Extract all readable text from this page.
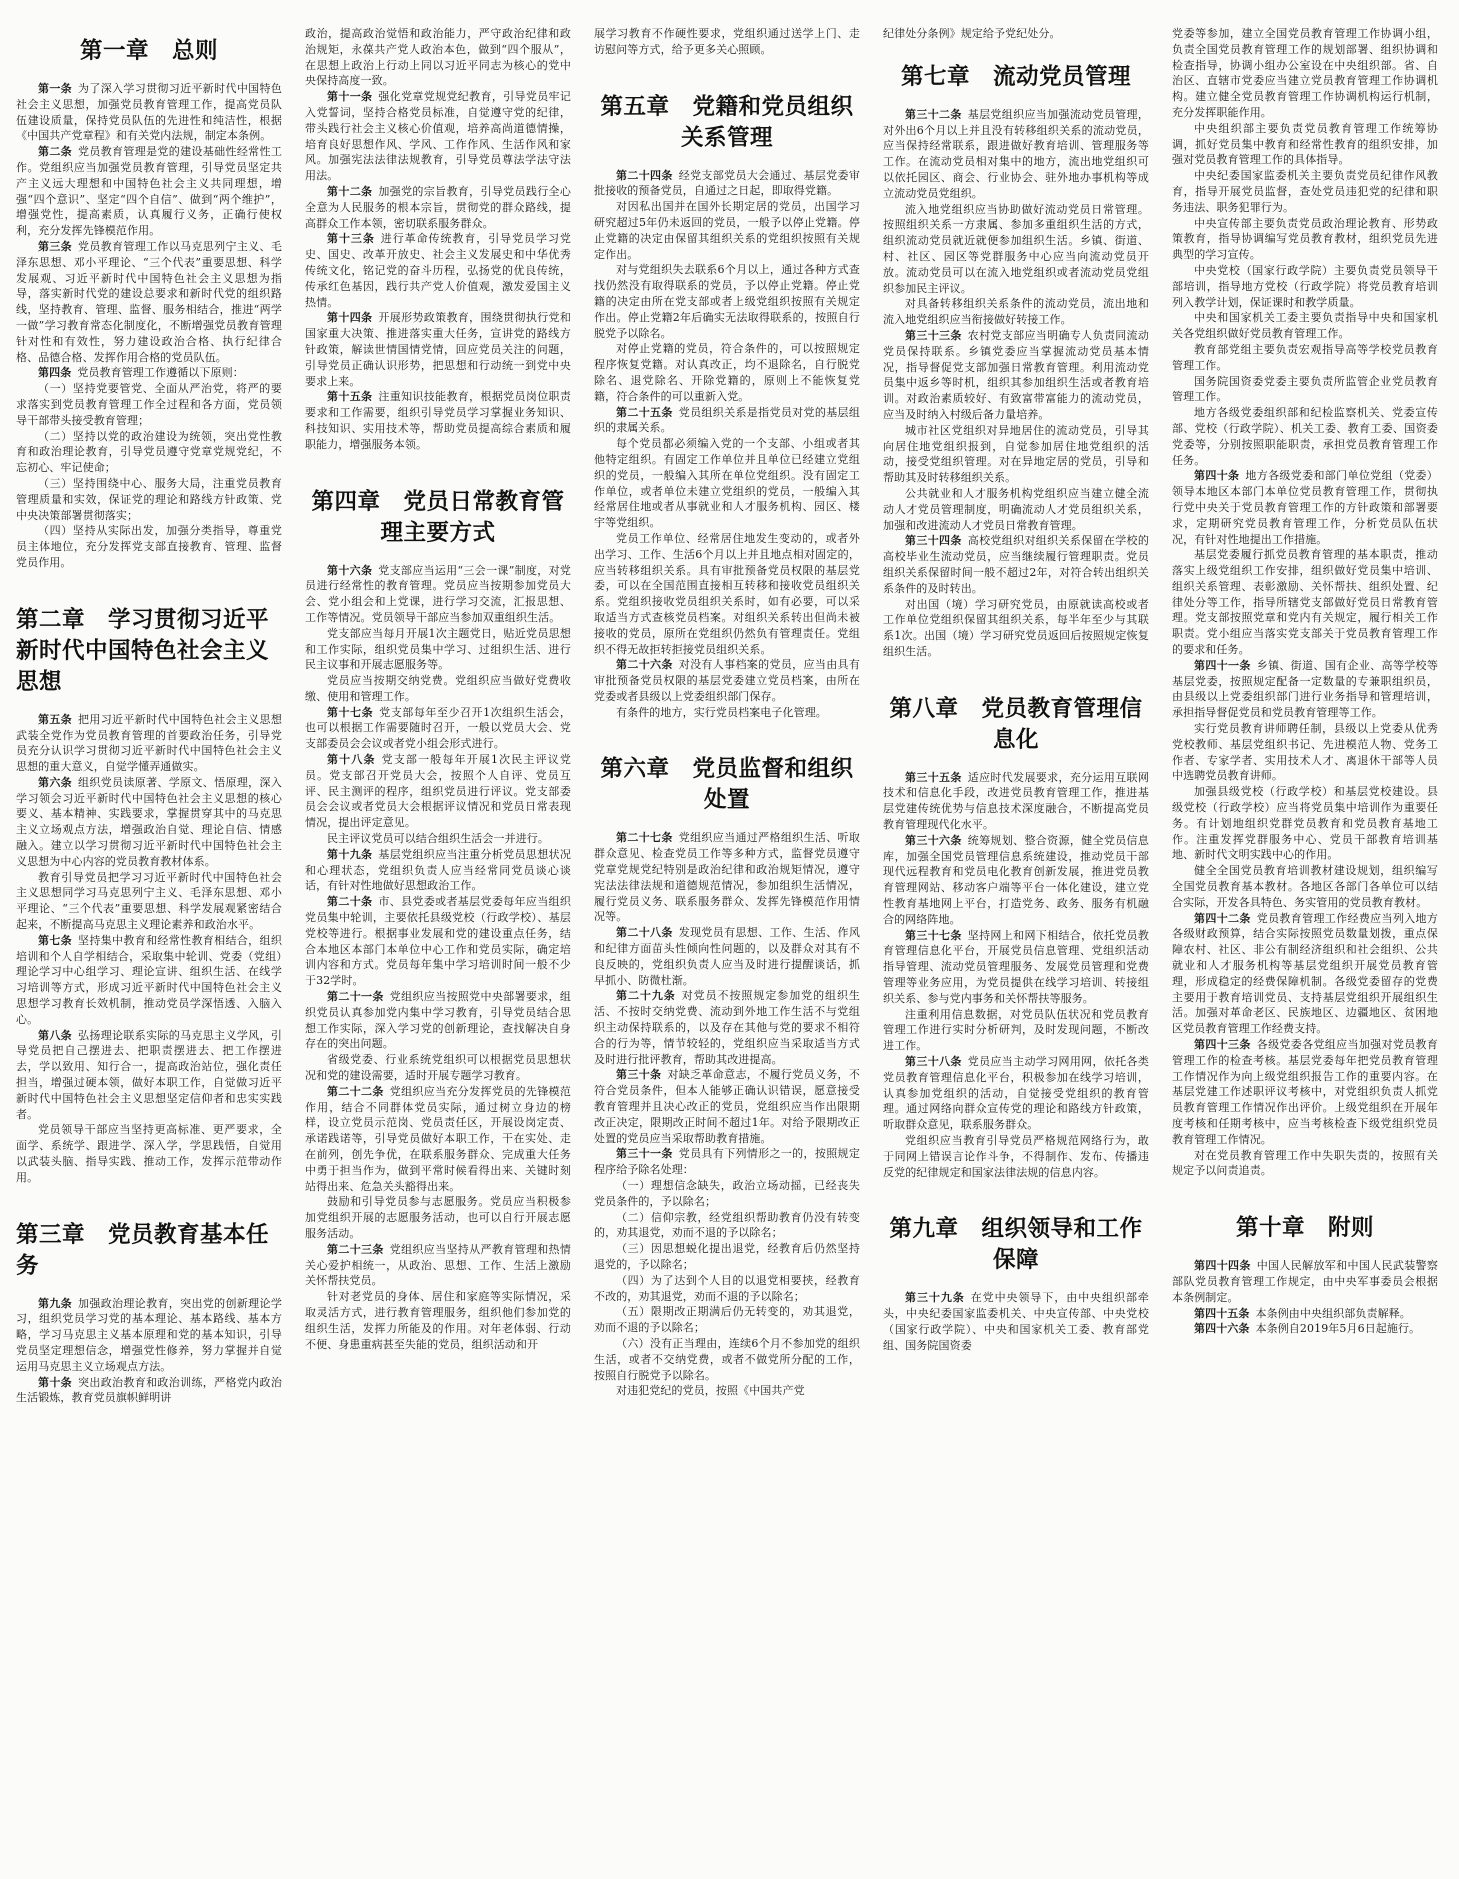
第一章　总则

第一条 为了深入学习贯彻习近平新时代中国特色社会主义思想，加强党员教育管理工作，提高党员队伍建设质量，保持党员队伍的先进性和纯洁性，根据《中国共产党章程》和有关党内法规，制定本条例。

第二条 党员教育管理是党的建设基础性经常性工作。党组织应当加强党员教育管理，引导党员坚定共产主义远大理想和中国特色社会主义共同理想，增强“四个意识”、坚定“四个自信”、做到“两个维护”，增强党性，提高素质，认真履行义务，正确行使权利，充分发挥先锋模范作用。

第三条 党员教育管理工作以马克思列宁主义、毛泽东思想、邓小平理论、“三个代表”重要思想、科学发展观、习近平新时代中国特色社会主义思想为指导，落实新时代党的建设总要求和新时代党的组织路线，坚持教育、管理、监督、服务相结合，推进“两学一做”学习教育常态化制度化，不断增强党员教育管理针对性和有效性，努力建设政治合格、执行纪律合格、品德合格、发挥作用合格的党员队伍。

第四条 党员教育管理工作遵循以下原则：

（一）坚持党要管党、全面从严治党，将严的要求落实到党员教育管理工作全过程和各方面，党员领导干部带头接受教育管理；

（二）坚持以党的政治建设为统领，突出党性教育和政治理论教育，引导党员遵守党章党规党纪，不忘初心、牢记使命；

（三）坚持围绕中心、服务大局，注重党员教育管理质量和实效，保证党的理论和路线方针政策、党中央决策部署贯彻落实；

（四）坚持从实际出发，加强分类指导，尊重党员主体地位，充分发挥党支部直接教育、管理、监督党员作用。

第二章　学习贯彻习近平新时代中国特色社会主义思想

第五条 把用习近平新时代中国特色社会主义思想武装全党作为党员教育管理的首要政治任务，引导党员充分认识学习贯彻习近平新时代中国特色社会主义思想的重大意义，自觉学懂弄通做实。

第六条 组织党员读原著、学原文、悟原理，深入学习领会习近平新时代中国特色社会主义思想的核心要义、基本精神、实践要求，掌握贯穿其中的马克思主义立场观点方法，增强政治自觉、理论自信、情感融入。建立以学习贯彻习近平新时代中国特色社会主义思想为中心内容的党员教育教材体系。

教育引导党员把学习习近平新时代中国特色社会主义思想同学习马克思列宁主义、毛泽东思想、邓小平理论、“三个代表”重要思想、科学发展观紧密结合起来，不断提高马克思主义理论素养和政治水平。

第七条 坚持集中教育和经常性教育相结合，组织培训和个人自学相结合，采取集中轮训、党委（党组）理论学习中心组学习、理论宣讲、组织生活、在线学习培训等方式，形成习近平新时代中国特色社会主义思想学习教育长效机制，推动党员学深悟透、入脑入心。

第八条 弘扬理论联系实际的马克思主义学风，引导党员把自己摆进去、把职责摆进去、把工作摆进去，学以致用、知行合一，提高政治站位，强化责任担当，增强过硬本领，做好本职工作，自觉做习近平新时代中国特色社会主义思想坚定信仰者和忠实实践者。

党员领导干部应当坚持更高标准、更严要求，全面学、系统学、跟进学、深入学，学思践悟，自觉用以武装头脑、指导实践、推动工作，发挥示范带动作用。

第三章　党员教育基本任务

第九条 加强政治理论教育，突出党的创新理论学习，组织党员学习党的基本理论、基本路线、基本方略，学习马克思主义基本原理和党的基本知识，引导党员坚定理想信念，增强党性修养，努力掌握并自觉运用马克思主义立场观点方法。

第十条 突出政治教育和政治训练，严格党内政治生活锻炼，教育党员旗帜鲜明讲

政治，提高政治觉悟和政治能力，严守政治纪律和政治规矩，永葆共产党人政治本色，做到“四个服从”，在思想上政治上行动上同以习近平同志为核心的党中央保持高度一致。

第十一条 强化党章党规党纪教育，引导党员牢记入党誓词，坚持合格党员标准，自觉遵守党的纪律，带头践行社会主义核心价值观，培养高尚道德情操，培育良好思想作风、学风、工作作风、生活作风和家风。加强宪法法律法规教育，引导党员尊法学法守法用法。

第十二条 加强党的宗旨教育，引导党员践行全心全意为人民服务的根本宗旨，贯彻党的群众路线，提高群众工作本领，密切联系服务群众。

第十三条 进行革命传统教育，引导党员学习党史、国史、改革开放史、社会主义发展史和中华优秀传统文化，铭记党的奋斗历程，弘扬党的优良传统，传承红色基因，践行共产党人价值观，激发爱国主义热情。

第十四条 开展形势政策教育，围绕贯彻执行党和国家重大决策、推进落实重大任务，宣讲党的路线方针政策，解读世情国情党情，回应党员关注的问题，引导党员正确认识形势，把思想和行动统一到党中央要求上来。

第十五条 注重知识技能教育，根据党员岗位职责要求和工作需要，组织引导党员学习掌握业务知识、科技知识、实用技术等，帮助党员提高综合素质和履职能力，增强服务本领。

第四章　党员日常教育管理主要方式

第十六条 党支部应当运用“三会一课”制度，对党员进行经常性的教育管理。党员应当按期参加党员大会、党小组会和上党课，进行学习交流，汇报思想、工作等情况。党员领导干部应当参加双重组织生活。

党支部应当每月开展1次主题党日，贴近党员思想和工作实际，组织党员集中学习、过组织生活、进行民主议事和开展志愿服务等。

党员应当按期交纳党费。党组织应当做好党费收缴、使用和管理工作。

第十七条 党支部每年至少召开1次组织生活会，也可以根据工作需要随时召开，一般以党员大会、党支部委员会会议或者党小组会形式进行。

第十八条 党支部一般每年开展1次民主评议党员。党支部召开党员大会，按照个人自评、党员互评、民主测评的程序，组织党员进行评议。党支部委员会会议或者党员大会根据评议情况和党员日常表现情况，提出评定意见。

民主评议党员可以结合组织生活会一并进行。

第十九条 基层党组织应当注重分析党员思想状况和心理状态，党组织负责人应当经常同党员谈心谈话，有针对性地做好思想政治工作。

第二十条 市、县党委或者基层党委每年应当组织党员集中轮训，主要依托县级党校（行政学校）、基层党校等进行。根据事业发展和党的建设重点任务，结合本地区本部门本单位中心工作和党员实际，确定培训内容和方式。党员每年集中学习培训时间一般不少于32学时。

第二十一条 党组织应当按照党中央部署要求，组织党员认真参加党内集中学习教育，引导党员结合思想工作实际，深入学习党的创新理论，查找解决自身存在的突出问题。

省级党委、行业系统党组织可以根据党员思想状况和党的建设需要，适时开展专题学习教育。

第二十二条 党组织应当充分发挥党员的先锋模范作用，结合不同群体党员实际，通过树立身边的榜样，设立党员示范岗、党员责任区，开展设岗定责、承诺践诺等，引导党员做好本职工作，干在实处、走在前列，创先争优，在联系服务群众、完成重大任务中勇于担当作为，做到平常时候看得出来、关键时刻站得出来、危急关头豁得出来。

鼓励和引导党员参与志愿服务。党员应当积极参加党组织开展的志愿服务活动，也可以自行开展志愿服务活动。

第二十三条 党组织应当坚持从严教育管理和热情关心爱护相统一，从政治、思想、工作、生活上激励关怀帮扶党员。

针对老党员的身体、居住和家庭等实际情况，采取灵活方式，进行教育管理服务，组织他们参加党的组织生活，发挥力所能及的作用。对年老体弱、行动不便、身患重病甚至失能的党员，组织活动和开

展学习教育不作硬性要求，党组织通过送学上门、走访慰问等方式，给予更多关心照顾。

第五章　党籍和党员组织关系管理

第二十四条 经党支部党员大会通过、基层党委审批接收的预备党员，自通过之日起，即取得党籍。

对因私出国并在国外长期定居的党员，出国学习研究超过5年仍未返回的党员，一般予以停止党籍。停止党籍的决定由保留其组织关系的党组织按照有关规定作出。

对与党组织失去联系6个月以上，通过各种方式查找仍然没有取得联系的党员，予以停止党籍。停止党籍的决定由所在党支部或者上级党组织按照有关规定作出。停止党籍2年后确实无法取得联系的，按照自行脱党予以除名。

对停止党籍的党员，符合条件的，可以按照规定程序恢复党籍。对认真改正，均不退除名，自行脱党除名、退党除名、开除党籍的，原则上不能恢复党籍，符合条件的可以重新入党。

第二十五条 党员组织关系是指党员对党的基层组织的隶属关系。

每个党员都必须编入党的一个支部、小组或者其他特定组织。有固定工作单位并且单位已经建立党组织的党员，一般编入其所在单位党组织。没有固定工作单位，或者单位未建立党组织的党员，一般编入其经常居住地或者从事就业和人才服务机构、园区、楼宇等党组织。

党员工作单位、经常居住地发生变动的，或者外出学习、工作、生活6个月以上并且地点相对固定的，应当转移组织关系。具有审批预备党员权限的基层党委，可以在全国范围直接相互转移和接收党员组织关系。党组织接收党员组织关系时，如有必要，可以采取适当方式查核党员档案。对组织关系转出但尚未被接收的党员，原所在党组织仍然负有管理责任。党组织不得无故拒转拒接党员组织关系。

第二十六条 对没有人事档案的党员，应当由具有审批预备党员权限的基层党委建立党员档案，由所在党委或者县级以上党委组织部门保存。

有条件的地方，实行党员档案电子化管理。

第六章　党员监督和组织处置

第二十七条 党组织应当通过严格组织生活、听取群众意见、检查党员工作等多种方式，监督党员遵守党章党规党纪特别是政治纪律和政治规矩情况，遵守宪法法律法规和道德规范情况，参加组织生活情况，履行党员义务、联系服务群众、发挥先锋模范作用情况等。

第二十八条 发现党员有思想、工作、生活、作风和纪律方面苗头性倾向性问题的，以及群众对其有不良反映的，党组织负责人应当及时进行提醒谈话，抓早抓小、防微杜渐。

第二十九条 对党员不按照规定参加党的组织生活、不按时交纳党费、流动到外地工作生活不与党组织主动保持联系的，以及存在其他与党的要求不相符合的行为等，情节较轻的，党组织应当采取适当方式及时进行批评教育，帮助其改进提高。

第三十条 对缺乏革命意志，不履行党员义务，不符合党员条件，但本人能够正确认识错误，愿意接受教育管理并且决心改正的党员，党组织应当作出限期改正决定，限期改正时间不超过1年。对给予限期改正处置的党员应当采取帮助教育措施。

第三十一条 党员具有下列情形之一的，按照规定程序给予除名处理：

（一）理想信念缺失，政治立场动摇，已经丧失党员条件的，予以除名；

（二）信仰宗教，经党组织帮助教育仍没有转变的，劝其退党，劝而不退的予以除名；

（三）因思想蜕化提出退党，经教育后仍然坚持退党的，予以除名；

（四）为了达到个人目的以退党相要挟，经教育不改的，劝其退党，劝而不退的予以除名；

（五）限期改正期满后仍无转变的，劝其退党，劝而不退的予以除名；

（六）没有正当理由，连续6个月不参加党的组织生活，或者不交纳党费，或者不做党所分配的工作，按照自行脱党予以除名。

对违犯党纪的党员，按照《中国共产党

纪律处分条例》规定给予党纪处分。

第七章　流动党员管理

第三十二条 基层党组织应当加强流动党员管理，对外出6个月以上并且没有转移组织关系的流动党员，应当保持经常联系，跟进做好教育培训、管理服务等工作。在流动党员相对集中的地方，流出地党组织可以依托园区、商会、行业协会、驻外地办事机构等成立流动党员党组织。

流入地党组织应当协助做好流动党员日常管理。按照组织关系一方隶属、参加多重组织生活的方式，组织流动党员就近就便参加组织生活。乡镇、街道、村、社区、园区等党群服务中心应当向流动党员开放。流动党员可以在流入地党组织或者流动党员党组织参加民主评议。

对具备转移组织关系条件的流动党员，流出地和流入地党组织应当衔接做好转接工作。

第三十三条 农村党支部应当明确专人负责同流动党员保持联系。乡镇党委应当掌握流动党员基本情况，指导督促党支部加强日常教育管理。利用流动党员集中返乡等时机，组织其参加组织生活或者教育培训。对政治素质较好、有致富带富能力的流动党员，应当及时纳入村级后备力量培养。

城市社区党组织对异地居住的流动党员，引导其向居住地党组织报到，自觉参加居住地党组织的活动，接受党组织管理。对在异地定居的党员，引导和帮助其及时转移组织关系。

公共就业和人才服务机构党组织应当建立健全流动人才党员管理制度，明确流动人才党员组织关系，加强和改进流动人才党员日常教育管理。

第三十四条 高校党组织对组织关系保留在学校的高校毕业生流动党员，应当继续履行管理职责。党员组织关系保留时间一般不超过2年，对符合转出组织关系条件的及时转出。

对出国（境）学习研究党员，由原就读高校或者工作单位党组织保留其组织关系，每半年至少与其联系1次。出国（境）学习研究党员返回后按照规定恢复组织生活。

第八章　党员教育管理信息化

第三十五条 适应时代发展要求，充分运用互联网技术和信息化手段，改进党员教育管理工作，推进基层党建传统优势与信息技术深度融合，不断提高党员教育管理现代化水平。

第三十六条 统筹规划、整合资源，健全党员信息库，加强全国党员管理信息系统建设，推动党员干部现代远程教育和党员电化教育创新发展，推进党员教育管理网站、移动客户端等平台一体化建设，建立党性教育基地网上平台，打造党务、政务、服务有机融合的网络阵地。

第三十七条 坚持网上和网下相结合，依托党员教育管理信息化平台，开展党员信息管理、党组织活动指导管理、流动党员管理服务、发展党员管理和党费管理等业务应用，为党员提供在线学习培训、转接组织关系、参与党内事务和关怀帮扶等服务。

注重利用信息数据，对党员队伍状况和党员教育管理工作进行实时分析研判，及时发现问题，不断改进工作。

第三十八条 党员应当主动学习网用网，依托各类党员教育管理信息化平台，积极参加在线学习培训，认真参加党组织的活动，自觉接受党组织的教育管理。通过网络向群众宣传党的理论和路线方针政策，听取群众意见，联系服务群众。

党组织应当教育引导党员严格规范网络行为，敢于同网上错误言论作斗争，不得制作、发布、传播违反党的纪律规定和国家法律法规的信息内容。

第九章　组织领导和工作保障

第三十九条 在党中央领导下，由中央组织部牵头，中央纪委国家监委机关、中央宣传部、中央党校（国家行政学院）、中央和国家机关工委、教育部党组、国务院国资委

党委等参加，建立全国党员教育管理工作协调小组，负责全国党员教育管理工作的规划部署、组织协调和检查指导，协调小组办公室设在中央组织部。省、自治区、直辖市党委应当建立党员教育管理工作协调机构。建立健全党员教育管理工作协调机构运行机制，充分发挥职能作用。

中央组织部主要负责党员教育管理工作统筹协调，抓好党员集中教育和经常性教育的组织安排，加强对党员教育管理工作的具体指导。

中央纪委国家监委机关主要负责党员纪律作风教育，指导开展党员监督，查处党员违犯党的纪律和职务违法、职务犯罪行为。

中央宣传部主要负责党员政治理论教育、形势政策教育，指导协调编写党员教育教材，组织党员先进典型的学习宣传。

中央党校（国家行政学院）主要负责党员领导干部培训，指导地方党校（行政学院）将党员教育培训列入教学计划，保证课时和教学质量。

中央和国家机关工委主要负责指导中央和国家机关各党组织做好党员教育管理工作。

教育部党组主要负责宏观指导高等学校党员教育管理工作。

国务院国资委党委主要负责所监管企业党员教育管理工作。

地方各级党委组织部和纪检监察机关、党委宣传部、党校（行政学院）、机关工委、教育工委、国资委党委等，分别按照职能职责，承担党员教育管理工作任务。

第四十条 地方各级党委和部门单位党组（党委）领导本地区本部门本单位党员教育管理工作，贯彻执行党中央关于党员教育管理工作的方针政策和部署要求，定期研究党员教育管理工作，分析党员队伍状况，有针对性地提出工作措施。

基层党委履行抓党员教育管理的基本职责，推动落实上级党组织工作安排，组织做好党员集中培训、组织关系管理、表彰激励、关怀帮扶、组织处置、纪律处分等工作，指导所辖党支部做好党员日常教育管理。党支部按照党章和党内有关规定，履行相关工作职责。党小组应当落实党支部关于党员教育管理工作的要求和任务。

第四十一条 乡镇、街道、国有企业、高等学校等基层党委，按照规定配备一定数量的专兼职组织员，由县级以上党委组织部门进行业务指导和管理培训，承担指导督促党员和党员教育管理等工作。

实行党员教育讲师聘任制，县级以上党委从优秀党校教师、基层党组织书记、先进模范人物、党务工作者、专家学者、实用技术人才、离退休干部等人员中选聘党员教育讲师。

加强县级党校（行政学校）和基层党校建设。县级党校（行政学校）应当将党员集中培训作为重要任务。有计划地组织党群党员教育和党员教育基地工作。注重发挥党群服务中心、党员干部教育培训基地、新时代文明实践中心的作用。

健全全国党员教育培训教材建设规划，组织编写全国党员教育基本教材。各地区各部门各单位可以结合实际，开发各具特色、务实管用的党员教育教材。

第四十二条 党员教育管理工作经费应当列入地方各级财政预算，结合实际按照党员数量划拨，重点保障农村、社区、非公有制经济组织和社会组织、公共就业和人才服务机构等基层党组织开展党员教育管理，形成稳定的经费保障机制。各级党委留存的党费主要用于教育培训党员、支持基层党组织开展组织生活。加强对革命老区、民族地区、边疆地区、贫困地区党员教育管理工作经费支持。

第四十三条 各级党委各党组应当加强对党员教育管理工作的检查考核。基层党委每年把党员教育管理工作情况作为向上级党组织报告工作的重要内容。在基层党建工作述职评议考核中，对党组织负责人抓党员教育管理工作情况作出评价。上级党组织在开展年度考核和任期考核中，应当考核检查下级党组织党员教育管理工作情况。

对在党员教育管理工作中失职失责的，按照有关规定予以问责追责。

第十章　附则

第四十四条 中国人民解放军和中国人民武装警察部队党员教育管理工作规定，由中央军事委员会根据本条例制定。

第四十五条 本条例由中央组织部负责解释。

第四十六条 本条例自2019年5月6日起施行。
